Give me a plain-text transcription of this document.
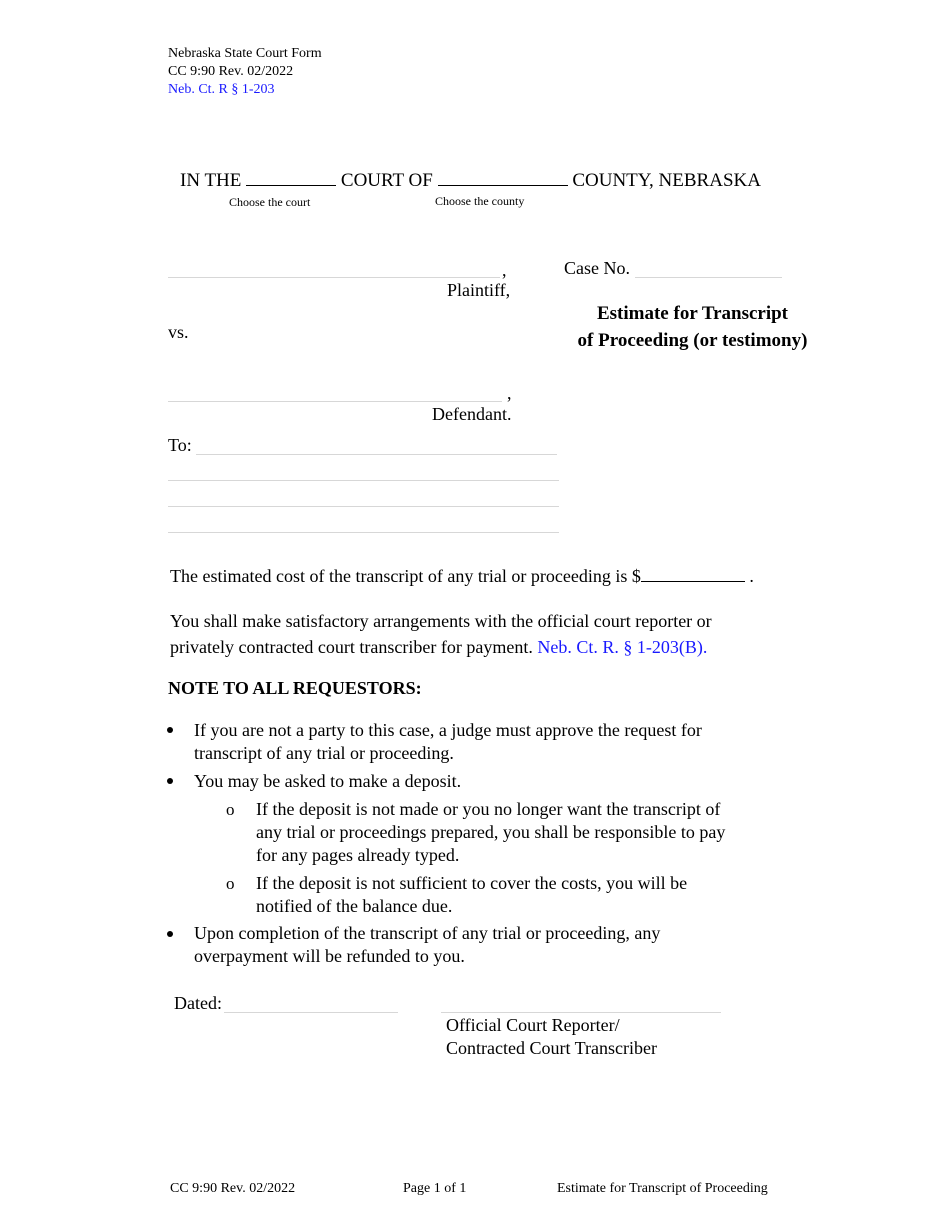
Nebraska State Court Form
CC 9:90 Rev. 02/2022
Neb. Ct. R § 1-203
IN THE	COURT OF	COUNTY, NEBRASKA
Choose the court	Choose the county
,
Plaintiff,
Case No.
Estimate for Transcript
of Proceeding (or testimony)
vs.
,
Defendant.
To:
The estimated cost of the transcript of any trial or proceeding is $	.
You shall make satisfactory arrangements with the official court reporter or
privately contracted court transcriber for payment. Neb. Ct. R. § 1-203(B).
NOTE TO ALL REQUESTORS:
If you are not a party to this case, a judge must approve the request for
transcript of any trial or proceeding.
You may be asked to make a deposit.
o If the deposit is not made or you no longer want the transcript of
any trial or proceedings prepared, you shall be responsible to pay
for any pages already typed.
o If the deposit is not sufficient to cover the costs, you will be
notified of the balance due.
Upon completion of the transcript of any trial or proceeding, any
overpayment will be refunded to you.
Dated:
Official Court Reporter/
Contracted Court Transcriber
CC 9:90 Rev. 02/2022	Page 1 of 1	Estimate for Transcript of Proceeding
